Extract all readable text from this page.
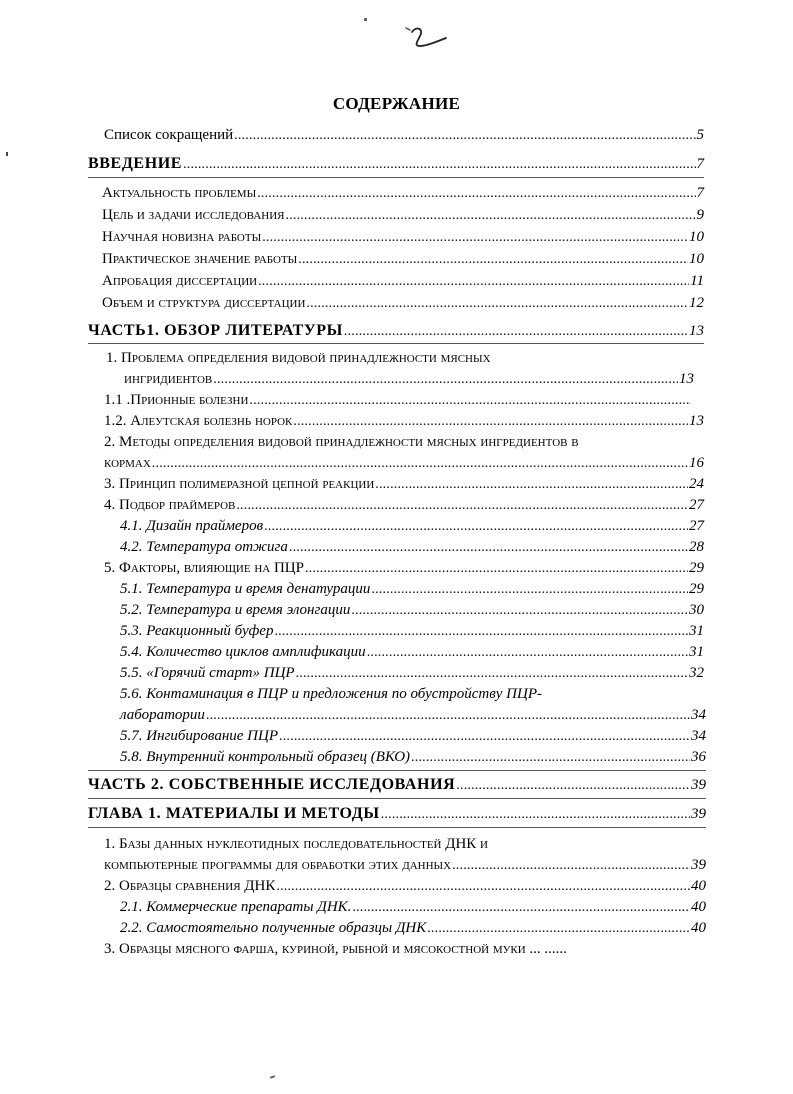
СОДЕРЖАНИЕ
Список сокращений .....	5
ВВЕДЕНИЕ .....	7
Актуальность проблемы .....	7
Цель и задачи исследования .....	9
Научная новизна работы .....	10
Практическое значение работы .....	10
Апробация диссертации .....	11
Объем и структура диссертации .....	12
ЧАСТЬ1. ОБЗОР ЛИТЕРАТУРЫ .....	13
1. Проблема определения видовой принадлежности мясных
ингридиентов .....	13
1.1 .Прионные болезни
.....
1.2. Алеутская болезнь норок .....	13
2. Методы определения видовой принадлежности мясных ингредиентов в
кормах .....	16
3. Принцип полимеразной цепной реакции .....	24
4. Подбор праймеров .....	27
4.1. Дизайн праймеров .....	27
4.2. Температура отжига .....	28
5. Факторы, влияющие на ПЦР .....	29
5.1. Температура и время денатурации .....	29
5.2. Температура и время элонгации .....	30
5.3. Реакционный буфер .....	31
5.4. Количество циклов амплификации .....	31
5.5. «Горячий старт» ПЦР .....	32
5.6. Контаминация в ПЦР и предложения по обустройству ПЦР-
лаборатории .....	34
5.7. Ингибирование ПЦР .....	34
5.8. Внутренний контрольный образец (ВКО) .....	36
ЧАСТЬ 2. СОБСТВЕННЫЕ ИССЛЕДОВАНИЯ .....	39
ГЛАВА 1. МАТЕРИАЛЫ И МЕТОДЫ .....	39
1. Базы данных нуклеотидных последовательностей ДНК и
компьютерные программы для обработки этих данных .....	39
2. Образцы сравнения ДНК .....	40
2.1. Коммерческие препараты ДНК. .....	40
2.2. Самостоятельно полученные образцы ДНК .....	40
3. Образцы мясного фарша, куриной, рыбной и мясокостной муки ... ......
